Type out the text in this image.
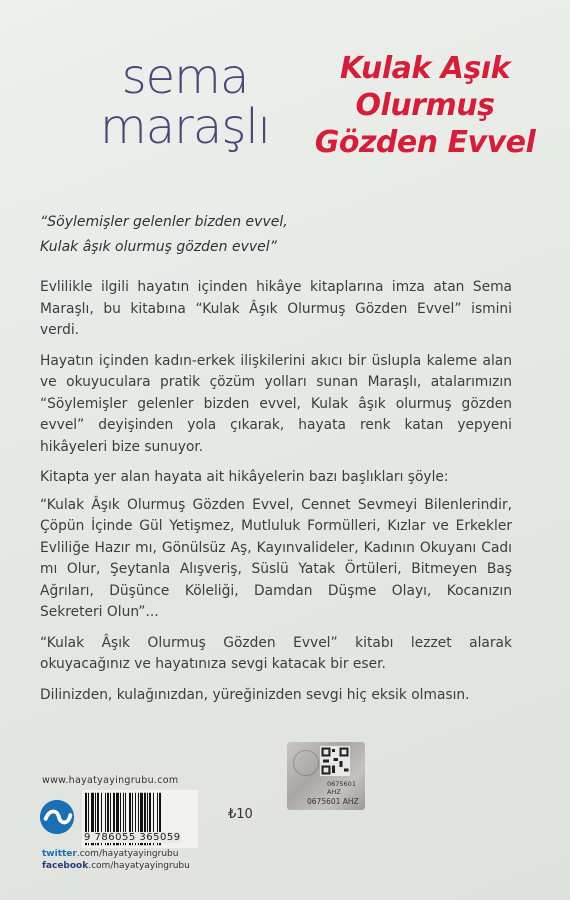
sema
maraşlı
Kulak Aşık
Olurmuş
Gözden Evvel
“Söylemişler gelenler bizden evvel,
Kulak âşık olurmuş gözden evvel”

Evlilikle ilgili hayatın içinden hikâye kitaplarına imza atan Sema Maraşlı, bu kitabına “Kulak Âşık Olurmuş Gözden Evvel” ismini verdi.

Hayatın içinden kadın-erkek ilişkilerini akıcı bir üslupla kaleme alan ve okuyuculara pratik çözüm yolları sunan Maraşlı, atalarımızın “Söylemişler gelenler bizden evvel, Kulak âşık olurmuş gözden evvel” deyişinden yola çıkarak, hayata renk katan yepyeni hikâyeleri bize sunuyor.

Kitapta yer alan hayata ait hikâyelerin bazı başlıkları şöyle:

“Kulak Âşık Olurmuş Gözden Evvel, Cennet Sevmeyi Bilenlerindir, Çöpün İçinde Gül Yetişmez, Mutluluk Formülleri, Kızlar ve Erkekler Evliliğe Hazır mı, Gönülsüz Aş, Kayınvalideler, Kadının Okuyanı Cadı mı Olur, Şeytanla Alışveriş, Süslü Yatak Örtüleri, Bitmeyen Baş Ağrıları, Düşünce Köleliği, Damdan Düşme Olayı, Kocanızın Sekreteri Olun”...

“Kulak Âşık Olurmuş Gözden Evvel” kitabı lezzet alarak okuyacağınız ve hayatınıza sevgi katacak bir eser.

Dilinizden, kulağınızdan, yüreğinizden sevgi hiç eksik olmasın.

0675601
AHZ
0675601 AHZ
www.hayatyayingrubu.com
9 786055 365059
₺10
twitter.com/hayatyayingrubu
facebook.com/hayatyayingrubu
